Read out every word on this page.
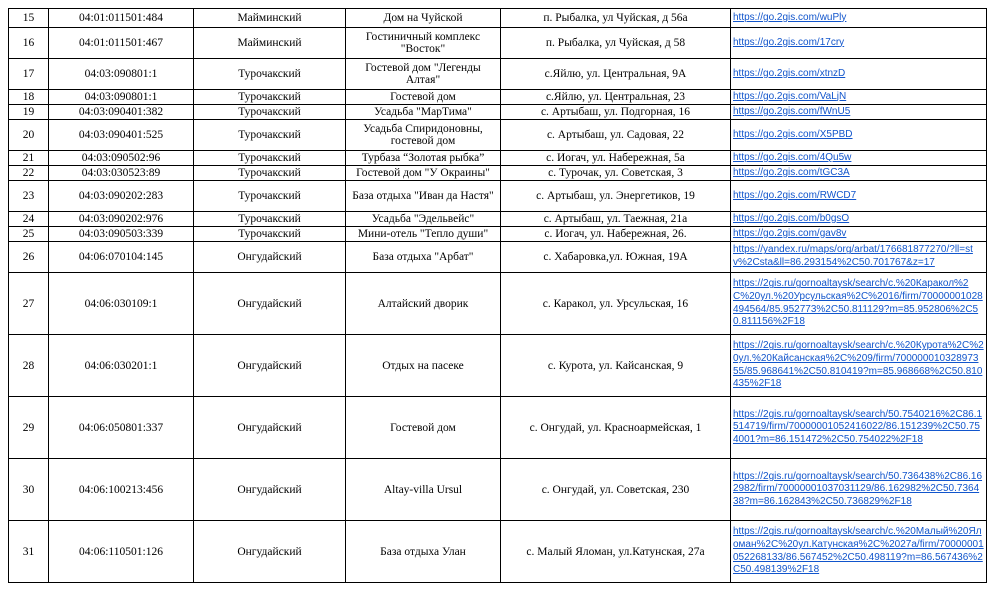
15	04:01:011501:484	Майминский	Дом на Чуйской	п. Рыбалка, ул Чуйская, д 56а	https://go.2gis.com/wuPly
16	04:01:011501:467	Майминский	Гостиничный комплекс "Восток"	п. Рыбалка, ул Чуйская, д 58	https://go.2gis.com/17cry
17	04:03:090801:1	Турочакский	Гостевой дом "Легенды Алтая"	с.Яйлю, ул. Центральная, 9А	https://go.2gis.com/xtnzD
18	04:03:090801:1	Турочакский	Гостевой дом	с.Яйлю, ул. Центральная, 23	https://go.2gis.com/VaLjN
19	04:03:090401:382	Турочакский	Усадьба "МарТима"	с. Артыбаш, ул. Подгорная, 16	https://go.2gis.com/fWnU5
20	04:03:090401:525	Турочакский	Усадьба Спиридоновны, гостевой дом	с. Артыбаш, ул. Садовая, 22	https://go.2gis.com/X5PBD
21	04:03:090502:96	Турочакский	Турбаза “Золотая рыбка”	с. Иогач, ул. Набережная, 5а	https://go.2gis.com/4Qu5w
22	04:03:030523:89	Турочакский	Гостевой дом "У Окраины"	с. Турочак, ул. Советская, 3	https://go.2gis.com/tGC3A
23	04:03:090202:283	Турочакский	База отдыха "Иван да Настя"	с. Артыбаш, ул. Энергетиков, 19	https://go.2gis.com/RWCD7
24	04:03:090202:976	Турочакский	Усадьба "Эдельвейс"	с. Артыбаш, ул. Таежная, 21а	https://go.2gis.com/b0gsO
25	04:03:090503:339	Турочакский	Мини-отель "Тепло души"	с. Иогач, ул. Набережная, 26.	https://go.2gis.com/gav8v
26	04:06:070104:145	Онгудайский	База отдыха "Арбат"	с. Хабаровка,ул. Южная, 19А	https://yandex.ru/maps/org/arbat/176681877270/?ll=stv%2Csta&ll=86.293154%2C50.701767&z=17
27	04:06:030109:1	Онгудайский	Алтайский дворик	с. Каракол, ул. Урсульская, 16	https://2gis.ru/gornoaltaysk/search/c.%20Каракол%2C%20ул.%20Урсульская%2C%2016/firm/70000001028494564/85.952773%2C50.811129?m=85.952806%2C50.811156%2F18
28	04:06:030201:1	Онгудайский	Отдых на пасеке	с. Курота, ул. Кайсанская, 9	https://2gis.ru/gornoaltaysk/search/c.%20Курота%2C%20ул.%20Кайсанская%2C%209/firm/70000001032897355/85.968641%2C50.810419?m=85.968668%2C50.810435%2F18
29	04:06:050801:337	Онгудайский	Гостевой дом	с. Онгудай, ул. Красноармейская, 1	https://2gis.ru/gornoaltaysk/search/50.7540216%2C86.1514719/firm/70000001052416022/86.151239%2C50.754001?m=86.151472%2C50.754022%2F18
30	04:06:100213:456	Онгудайский	Altay-villa Ursul	с. Онгудай, ул. Советская, 230	https://2gis.ru/gornoaltaysk/search/50.736438%2C86.162982/firm/70000001037031129/86.162982%2C50.736438?m=86.162843%2C50.736829%2F18
31	04:06:110501:126	Онгудайский	База отдыха Улан	с. Малый Яломан, ул.Катунская, 27а	https://2gis.ru/gornoaltaysk/search/c.%20Малый%20Яломан%2C%20ул.Катунская%2C%2027а/firm/70000001052268133/86.567452%2C50.498119?m=86.567436%2C50.498139%2F18
